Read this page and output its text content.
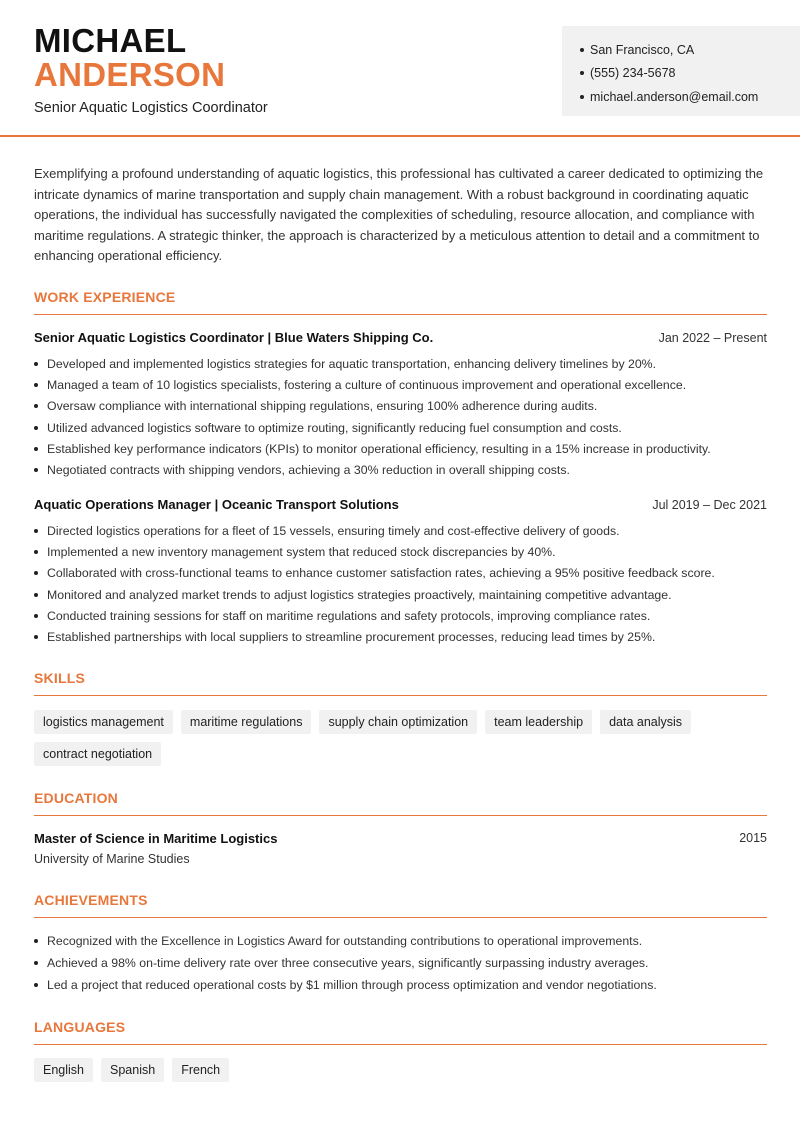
MICHAEL
ANDERSON
Senior Aquatic Logistics Coordinator
San Francisco, CA
(555) 234-5678
michael.anderson@email.com

Exemplifying a profound understanding of aquatic logistics, this professional has cultivated a career dedicated to optimizing the intricate dynamics of marine transportation and supply chain management. With a robust background in coordinating aquatic operations, the individual has successfully navigated the complexities of scheduling, resource allocation, and compliance with maritime regulations. A strategic thinker, the approach is characterized by a meticulous attention to detail and a commitment to enhancing operational efficiency.

WORK EXPERIENCE
Senior Aquatic Logistics Coordinator | Blue Waters Shipping Co.	Jan 2022 – Present
Developed and implemented logistics strategies for aquatic transportation, enhancing delivery timelines by 20%.
Managed a team of 10 logistics specialists, fostering a culture of continuous improvement and operational excellence.
Oversaw compliance with international shipping regulations, ensuring 100% adherence during audits.
Utilized advanced logistics software to optimize routing, significantly reducing fuel consumption and costs.
Established key performance indicators (KPIs) to monitor operational efficiency, resulting in a 15% increase in productivity.
Negotiated contracts with shipping vendors, achieving a 30% reduction in overall shipping costs.
Aquatic Operations Manager | Oceanic Transport Solutions	Jul 2019 – Dec 2021
Directed logistics operations for a fleet of 15 vessels, ensuring timely and cost-effective delivery of goods.
Implemented a new inventory management system that reduced stock discrepancies by 40%.
Collaborated with cross-functional teams to enhance customer satisfaction rates, achieving a 95% positive feedback score.
Monitored and analyzed market trends to adjust logistics strategies proactively, maintaining competitive advantage.
Conducted training sessions for staff on maritime regulations and safety protocols, improving compliance rates.
Established partnerships with local suppliers to streamline procurement processes, reducing lead times by 25%.
SKILLS
logistics management	maritime regulations	supply chain optimization	team leadership	data analysis
contract negotiation
EDUCATION
Master of Science in Maritime Logistics	2015
University of Marine Studies
ACHIEVEMENTS
Recognized with the Excellence in Logistics Award for outstanding contributions to operational improvements.
Achieved a 98% on-time delivery rate over three consecutive years, significantly surpassing industry averages.
Led a project that reduced operational costs by $1 million through process optimization and vendor negotiations.
LANGUAGES
English	Spanish	French
